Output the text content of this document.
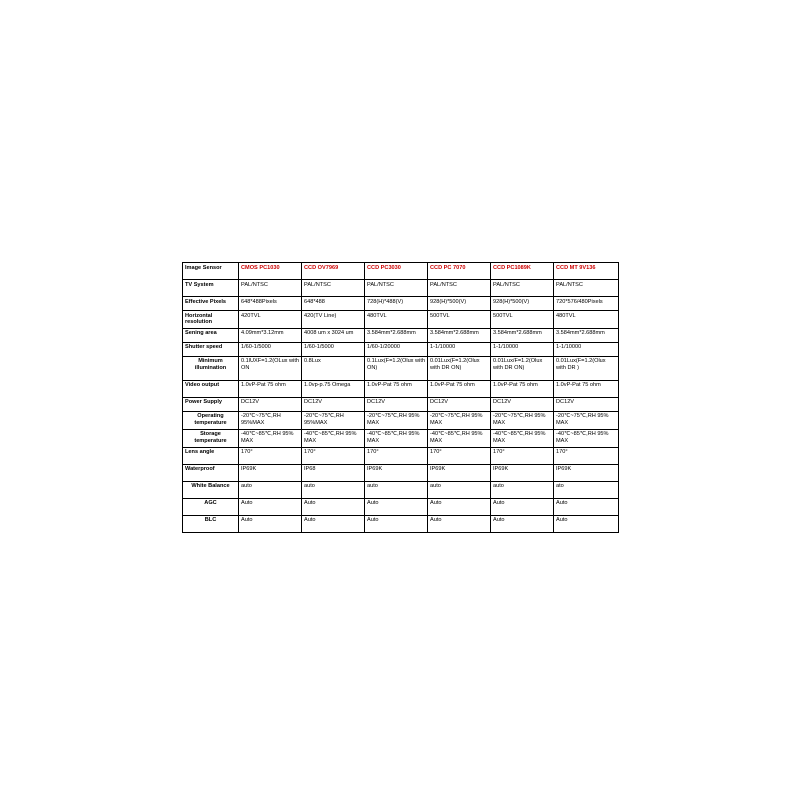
Image Sensor	CMOS PC1030	CCD OV7969	CCD PC3030	CCD PC 7070	CCD PC1089K	CCD MT 9V136
TV System	PAL/NTSC	PAL/NTSC	PAL/NTSC	PAL/NTSC	PAL/NTSC	PAL/NTSC
Effective Pixels	648*488Pixels	648*488	728(H)*488(V)	928(H)*500(V)	928(H)*500(V)	720*576/480Pixels
Horizontal resolution	420TVL	420(TV Line)	480TVL	500TVL	500TVL	480TVL
Sening area	4.09mm*3.12mm	4008 um x 3024 um	3.584mm*2.688mm	3.584mm*2.688mm	3.584mm*2.688mm	3.584mm*2.688mm
Shutter speed	1/60-1/5000	1/60-1/5000	1/60-1/20000	1-1/10000	1-1/10000	1-1/10000
Minimum illumination	0.1lUXF=1.2(OLux with ON	0.8Lux	0.1Lux(F=1.2(Olux with ON)	0.01Lux(F=1.2(Olux with DR ON)	0.01Lux/F=1.2(Olux with DR ON)	0.01Lux(F=1.2(Olux with DR )
Video output	1.0vP-Pat 75 ohm	1.0vp-p.75 Omega	1.0vP-Pat 75 ohm	1.0vP-Pat 75 ohm	1.0vP-Pat 75 ohm	1.0vP-Pat 75 ohm
Power Supply	DC12V	DC12V	DC12V	DC12V	DC12V	DC12V
Operating temperature	-20℃~75℃,RH 95%MAX	-20℃~75℃,RH 95%MAX	-20℃~75℃,RH 95% MAX	-20℃~75℃,RH 95% MAX	-20℃~75℃,RH 95% MAX	-20℃~75℃,RH 95% MAX
Storage temperature	-40℃~85℃,RH 95% MAX	-40℃~85℃,RH 95% MAX	-40℃~85℃,RH 95% MAX	-40℃~85℃,RH 95% MAX	-40℃~85℃,RH 95% MAX	-40℃~85℃,RH 95% MAX
Lens angle	170°	170°	170°	170°	170°	170°
Waterproof	IP69K	IP68	IP69K	IP69K	IP69K	IP69K
White Balance	auto	auto	auto	auto	auto	ato
AGC	Auto	Auto	Auto	Auto	Auto	Auto
BLC	Auto	Auto	Auto	Auto	Auto	Auto
